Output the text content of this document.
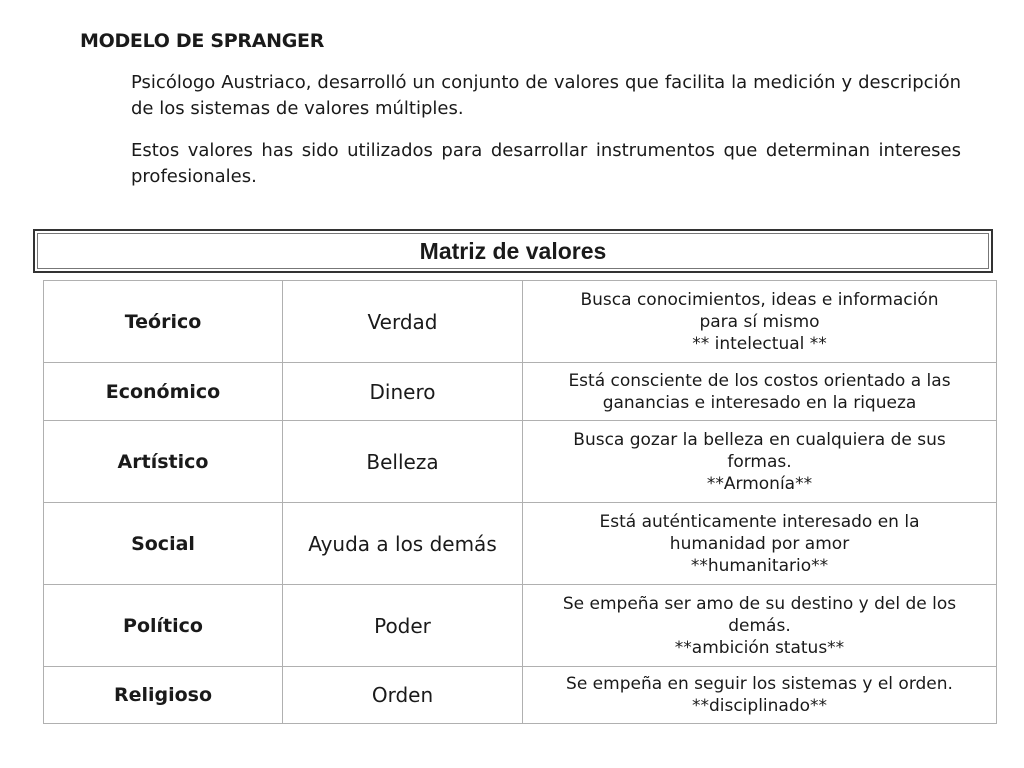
MODELO DE SPRANGER

Psicólogo Austriaco, desarrolló un conjunto de valores que facilita la medición y descripción de los sistemas de valores múltiples.

Estos valores has sido utilizados para desarrollar instrumentos que determinan intereses profesionales.

Matriz de valores
Teórico	Verdad	Busca conocimientos, ideas e información
para sí mismo
** intelectual **

Económico	Dinero	Está consciente de los costos orientado a las
ganancias e interesado en la riqueza

Artístico	Belleza	Busca gozar la belleza en cualquiera de sus
formas.
**Armonía**

Social	Ayuda a los demás	Está auténticamente interesado en la
humanidad por amor
**humanitario**

Político	Poder	Se empeña ser amo de su destino y del de los
demás.
**ambición status**

Religioso	Orden	Se empeña en seguir los sistemas y el orden.
**disciplinado**
